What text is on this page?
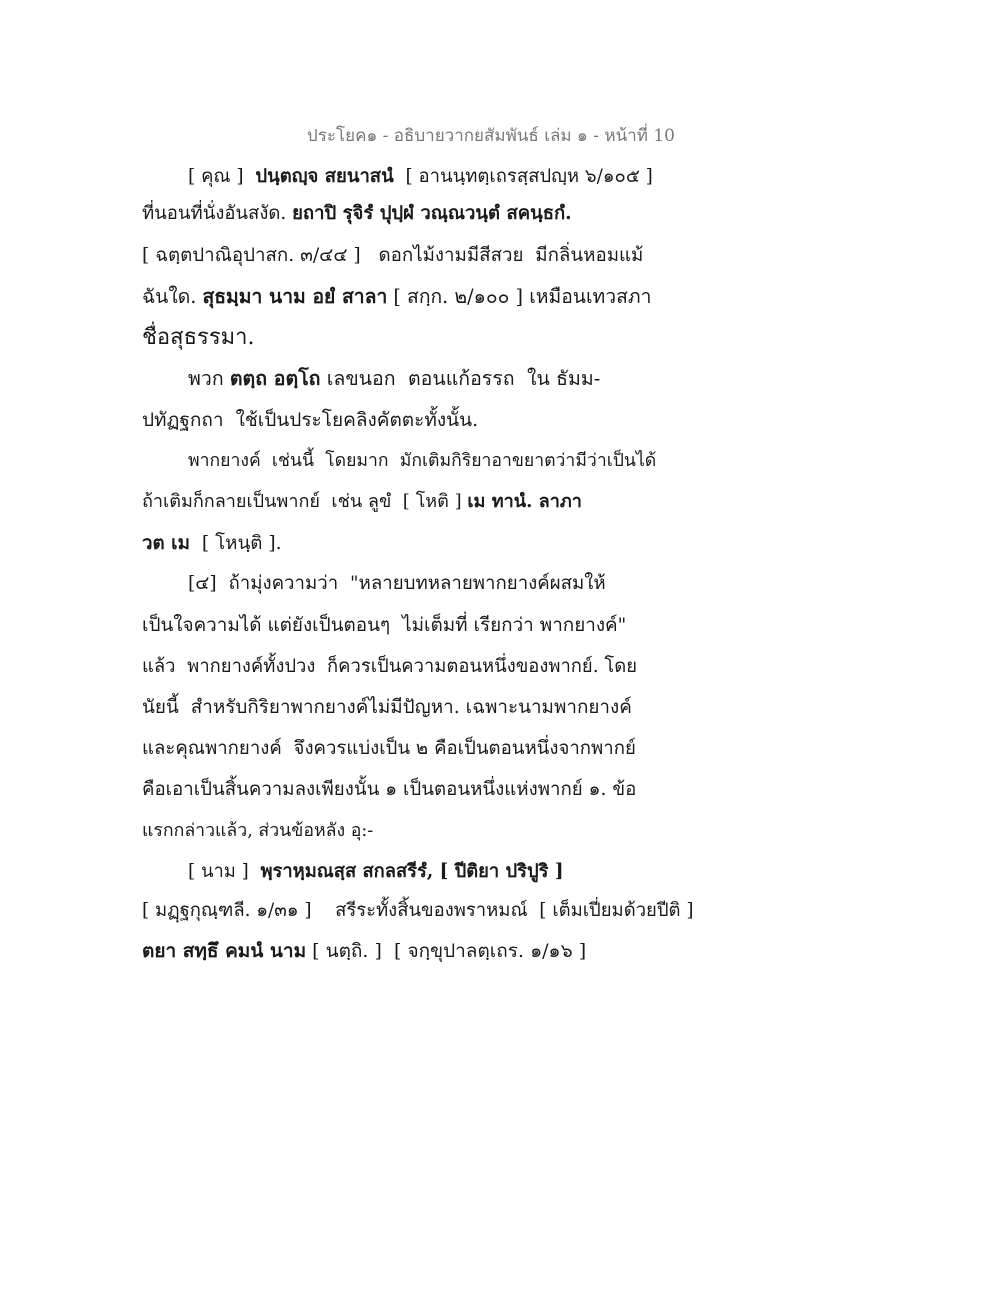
ประโยค๑ - อธิบายวากยสัมพันธ์ เล่ม ๑ - หน้าที่ 10
[ คุณ ]  ปนฺตญฺจ สยนาสนํ  [ อานนฺทตฺเถรสฺสปญฺห ๖/๑๐๕ ]
ที่นอนที่นั่งอันสงัด. ยถาปิ รุจิรํ ปุปฺผํ วณฺณวนฺตํ สคนฺธกํ.
[ ฉตฺตปาณิอุปาสก. ๓/๔๔ ]   ดอกไม้งามมีสีสวย  มีกลิ่นหอมแม้
ฉันใด. สุธมฺมา นาม อยํ สาลา [ สกฺก. ๒/๑๐๐ ] เหมือนเทวสภา
ชื่อสุธรรมา.
พวก ตตฺถ อตฺโถ เลขนอก  ตอนแก้อรรถ  ใน ธัมม-
ปทัฏฐกถา  ใช้เป็นประโยคลิงคัตตะทั้งนั้น.
พากยางค์  เช่นนี้  โดยมาก  มักเติมกิริยาอาขยาตว่ามีว่าเป็นได้
ถ้าเติมก็กลายเป็นพากย์  เช่น ลูขํ  [ โหติ ] เม ทานํ. ลาภา
วต เม  [ โหนฺติ ].
[๔]  ถ้ามุ่งความว่า  "หลายบทหลายพากยางค์ผสมให้
เป็นใจความได้ แต่ยังเป็นตอนๆ  ไม่เต็มที่ เรียกว่า พากยางค์"
แล้ว  พากยางค์ทั้งปวง  ก็ควรเป็นความตอนหนึ่งของพากย์. โดย
นัยนี้  สำหรับกิริยาพากยางค์ไม่มีปัญหา. เฉพาะนามพากยางค์
และคุณพากยางค์  จึงควรแบ่งเป็น ๒ คือเป็นตอนหนึ่งจากพากย์
คือเอาเป็นสิ้นความลงเพียงนั้น ๑ เป็นตอนหนึ่งแห่งพากย์ ๑. ข้อ
แรกกล่าวแล้ว, ส่วนข้อหลัง อุ:-
[ นาม ]  พฺราหฺมณสฺส สกลสรีรํ, [ ปีติยา ปริปูริ ]
[ มฏฺฐกุณฺฑลี. ๑/๓๑ ]    สรีระทั้งสิ้นของพราหมณ์  [ เต็มเปี่ยมด้วยปีติ ]
ตยา สทฺธึ คมนํ นาม [ นตฺถิ. ]  [ จกฺขุปาลตฺเถร. ๑/๑๖ ]
